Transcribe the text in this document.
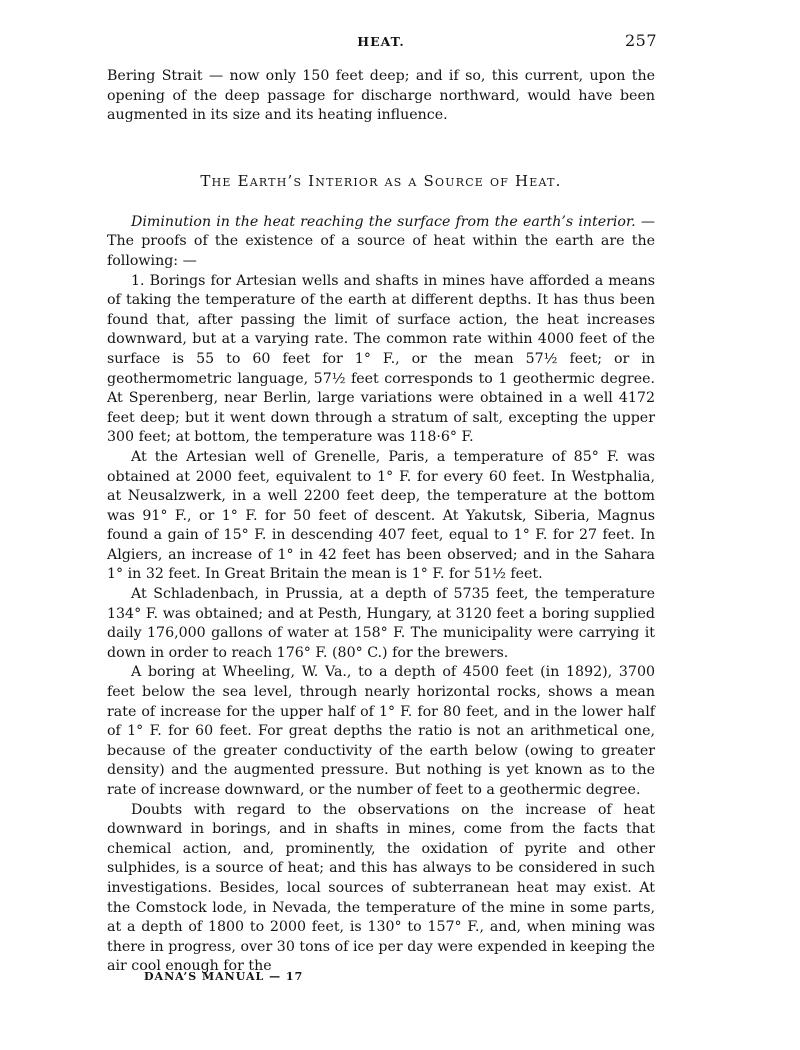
HEAT.	257

Bering Strait — now only 150 feet deep; and if so, this current, upon the opening of the deep passage for discharge northward, would have been augmented in its size and its heating influence.

The Earth’s Interior as a Source of Heat.

Diminution in the heat reaching the surface from the earth’s interior. — The proofs of the existence of a source of heat within the earth are the following: —

1. Borings for Artesian wells and shafts in mines have afforded a means of taking the temperature of the earth at different depths. It has thus been found that, after passing the limit of surface action, the heat increases downward, but at a varying rate. The common rate within 4000 feet of the surface is 55 to 60 feet for 1° F., or the mean 57½ feet; or in geothermometric language, 57½ feet corresponds to 1 geothermic degree. At Sperenberg, near Berlin, large variations were obtained in a well 4172 feet deep; but it went down through a stratum of salt, excepting the upper 300 feet; at bottom, the temperature was 118·6° F.

At the Artesian well of Grenelle, Paris, a temperature of 85° F. was obtained at 2000 feet, equivalent to 1° F. for every 60 feet. In Westphalia, at Neusalzwerk, in a well 2200 feet deep, the temperature at the bottom was 91° F., or 1° F. for 50 feet of descent. At Yakutsk, Siberia, Magnus found a gain of 15° F. in descending 407 feet, equal to 1° F. for 27 feet. In Algiers, an increase of 1° in 42 feet has been observed; and in the Sahara 1° in 32 feet. In Great Britain the mean is 1° F. for 51½ feet.

At Schladenbach, in Prussia, at a depth of 5735 feet, the temperature 134° F. was obtained; and at Pesth, Hungary, at 3120 feet a boring supplied daily 176,000 gallons of water at 158° F. The municipality were carrying it down in order to reach 176° F. (80° C.) for the brewers.

A boring at Wheeling, W. Va., to a depth of 4500 feet (in 1892), 3700 feet below the sea level, through nearly horizontal rocks, shows a mean rate of increase for the upper half of 1° F. for 80 feet, and in the lower half of 1° F. for 60 feet. For great depths the ratio is not an arithmetical one, because of the greater conductivity of the earth below (owing to greater density) and the augmented pressure. But nothing is yet known as to the rate of increase downward, or the number of feet to a geothermic degree.

Doubts with regard to the observations on the increase of heat downward in borings, and in shafts in mines, come from the facts that chemical action, and, prominently, the oxidation of pyrite and other sulphides, is a source of heat; and this has always to be considered in such investigations. Besides, local sources of subterranean heat may exist. At the Comstock lode, in Nevada, the temperature of the mine in some parts, at a depth of 1800 to 2000 feet, is 130° to 157° F., and, when mining was there in progress, over 30 tons of ice per day were expended in keeping the air cool enough for the

DANA’S MANUAL — 17
